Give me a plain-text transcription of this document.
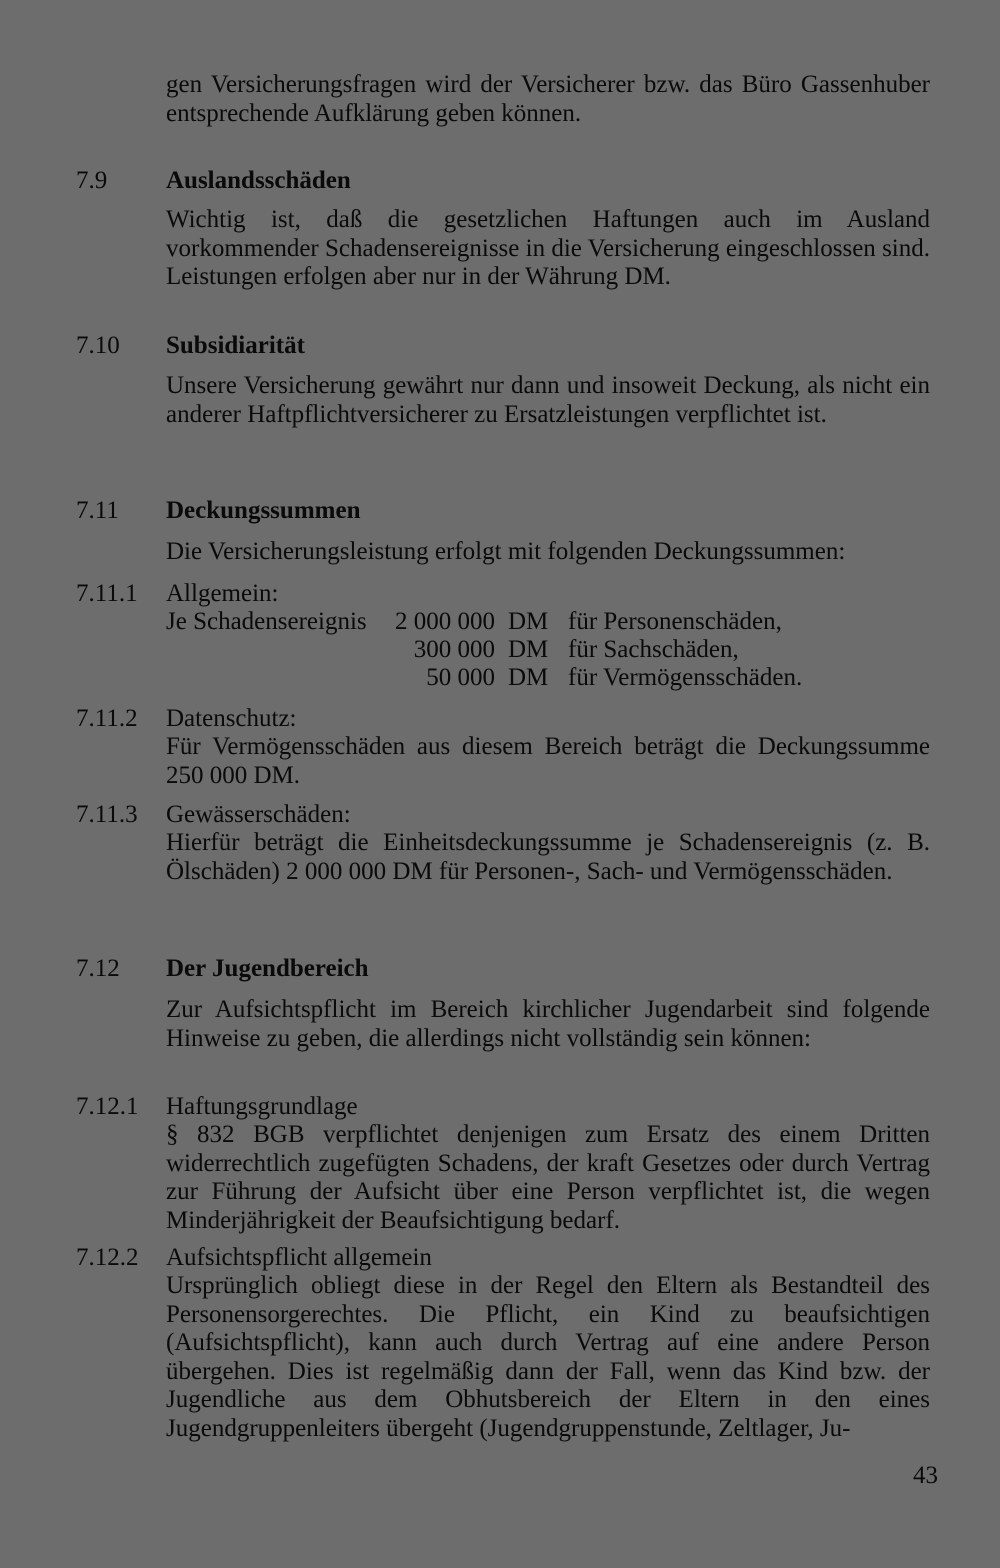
gen Versicherungsfragen wird der Versicherer bzw. das Büro Gassenhuber entsprechende Aufklärung geben können.

7.9 Auslandsschäden

Wichtig ist, daß die gesetzlichen Haftungen auch im Ausland vorkommender Schadensereignisse in die Versicherung eingeschlossen sind. Leistungen erfolgen aber nur in der Währung DM.

7.10 Subsidiarität

Unsere Versicherung gewährt nur dann und insoweit Deckung, als nicht ein anderer Haftpflichtversicherer zu Ersatzleistungen verpflichtet ist.

7.11 Deckungssummen

Die Versicherungsleistung erfolgt mit folgenden Deckungssummen:

7.11.1 Allgemein:

Je Schadensereignis	2 000 000 DM für Personenschäden,

300 000 DM für Sachschäden,

50 000 DM für Vermögensschäden.

7.11.2 Datenschutz:

Für Vermögensschäden aus diesem Bereich beträgt die Deckungssumme 250 000 DM.

7.11.3 Gewässerschäden:

Hierfür beträgt die Einheitsdeckungssumme je Schadensereignis (z. B. Ölschäden) 2 000 000 DM für Personen-, Sach- und Vermögensschäden.

7.12 Der Jugendbereich

Zur Aufsichtspflicht im Bereich kirchlicher Jugendarbeit sind folgende Hinweise zu geben, die allerdings nicht vollständig sein können:

7.12.1 Haftungsgrundlage

§ 832 BGB verpflichtet denjenigen zum Ersatz des einem Dritten widerrechtlich zugefügten Schadens, der kraft Gesetzes oder durch Vertrag zur Führung der Aufsicht über eine Person verpflichtet ist, die wegen Minderjährigkeit der Beaufsichtigung bedarf.

7.12.2 Aufsichtspflicht allgemein

Ursprünglich obliegt diese in der Regel den Eltern als Bestandteil des Personensorgerechtes. Die Pflicht, ein Kind zu beaufsichtigen (Aufsichtspflicht), kann auch durch Vertrag auf eine andere Person übergehen. Dies ist regelmäßig dann der Fall, wenn das Kind bzw. der Jugendliche aus dem Obhutsbereich der Eltern in den eines Jugendgruppenleiters übergeht (Jugendgruppenstunde, Zeltlager, Ju-

43
